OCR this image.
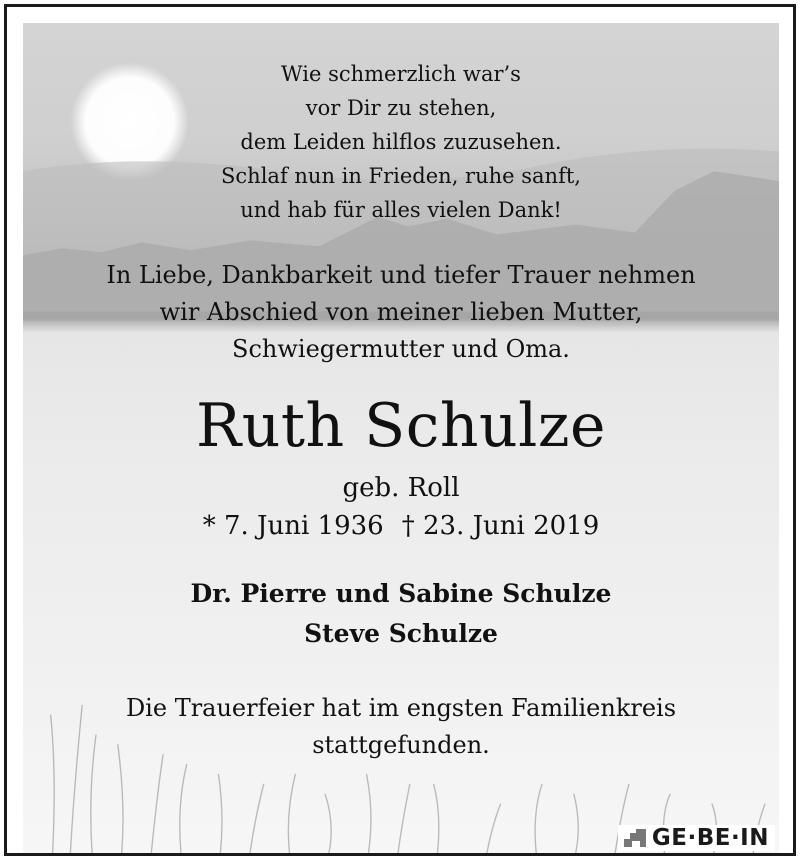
Wie schmerzlich war’s
vor Dir zu stehen,
dem Leiden hilflos zuzusehen.
Schlaf nun in Frieden, ruhe sanft,
und hab für alles vielen Dank!
In Liebe, Dankbarkeit und tiefer Trauer nehmen
wir Abschied von meiner lieben Mutter,
Schwiegermutter und Oma.
Ruth Schulze
geb. Roll
* 7. Juni 1936 † 23. Juni 2019
Dr. Pierre und Sabine Schulze
Steve Schulze
Die Trauerfeier hat im engsten Familienkreis
stattgefunden.
GE·BE·IN
